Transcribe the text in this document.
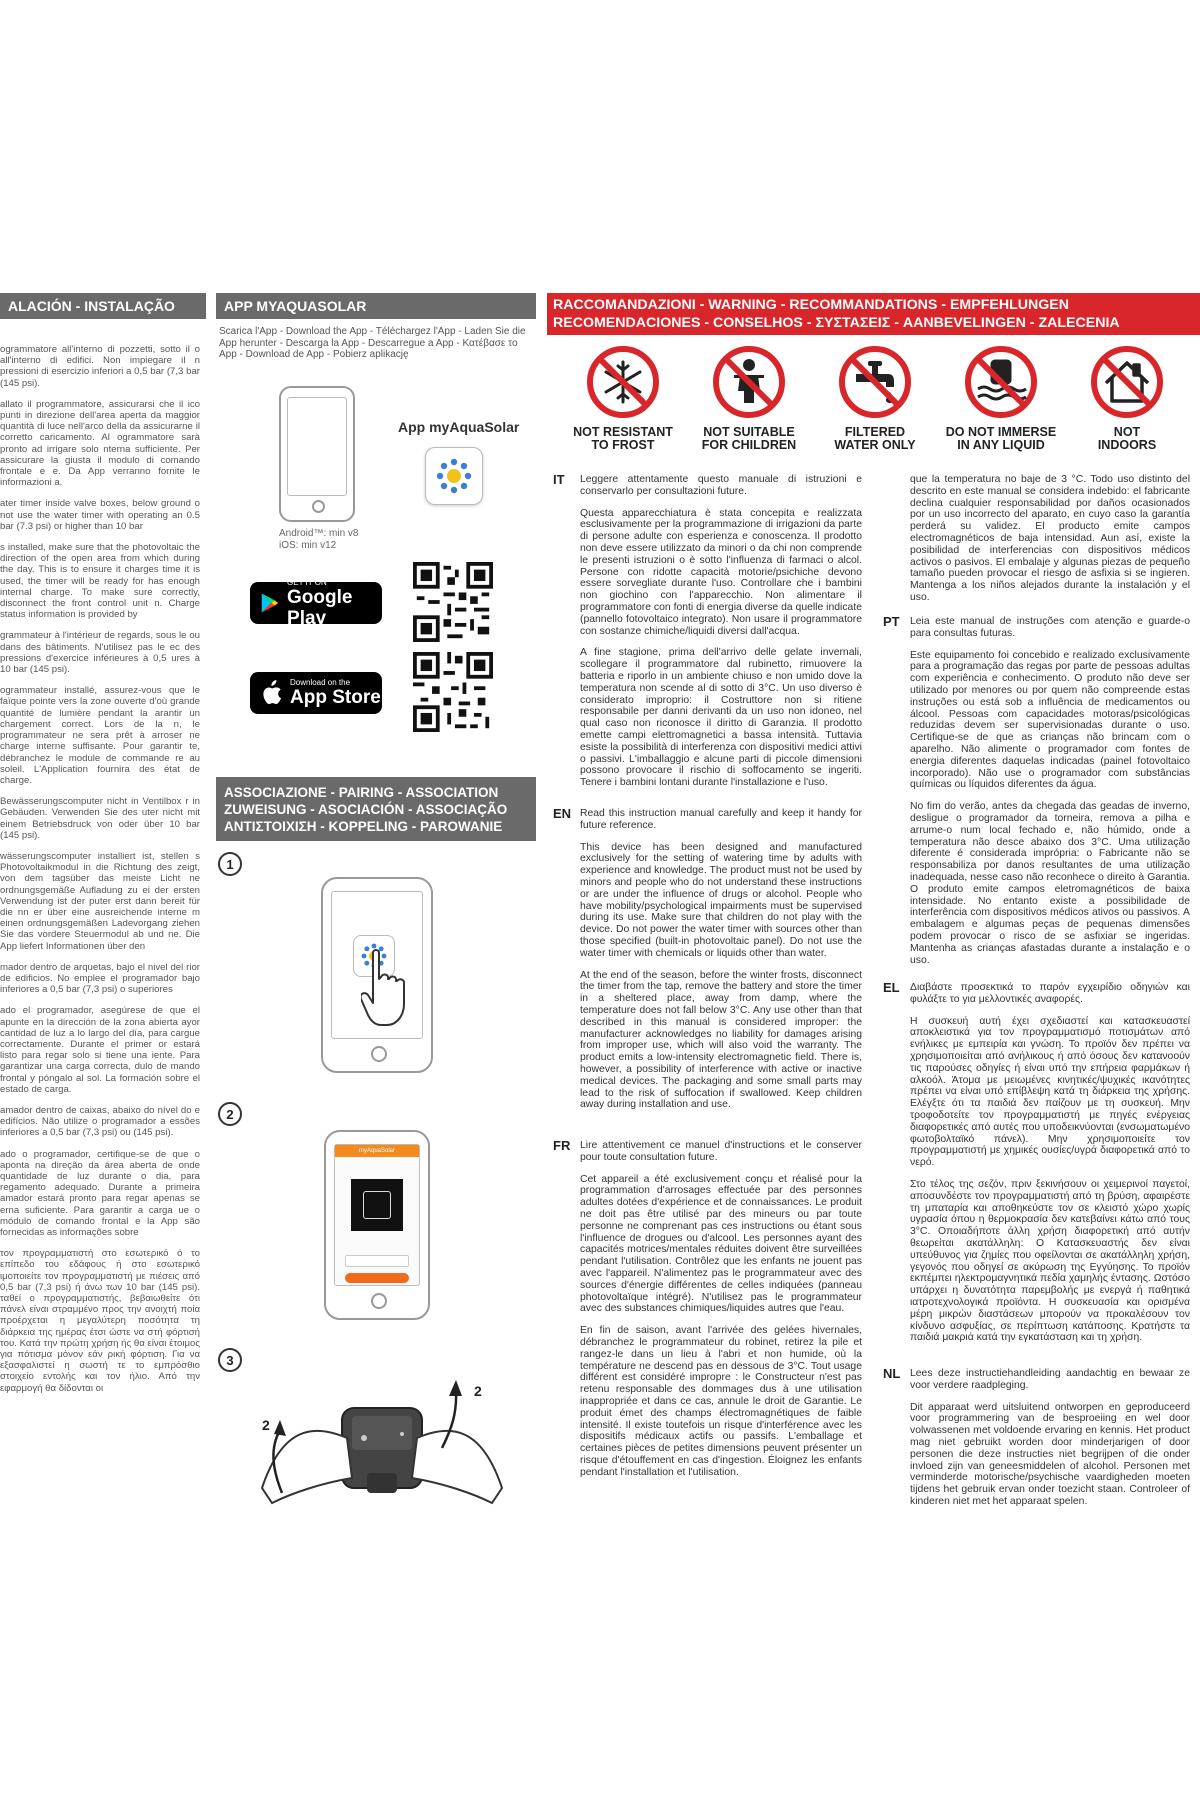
ALACIÓN - INSTALAÇÃO

ogrammatore all'interno di pozzetti, sotto il o all'interno di edifici. Non impiegare il n pressioni di esercizio inferiori a 0,5 bar (7,3 bar (145 psi).

allato il programmatore, assicurarsi che il ico punti in direzione dell'area aperta da maggior quantità di luce nell'arco della da assicurarne il corretto caricamento. Al ogrammatore sarà pronto ad irrigare solo nterna sufficiente. Per assicurare la giusta il modulo di comando frontale e e. Da App verranno fornite le informazioni a.

ater timer inside valve boxes, below ground o not use the water timer with operating an 0.5 bar (7.3 psi) or higher than 10 bar

s installed, make sure that the photovoltaic the direction of the open area from which during the day. This is to ensure it charges time it is used, the timer will be ready for has enough internal charge. To make sure correctly, disconnect the front control unit n. Charge status information is provided by

grammateur à l'intérieur de regards, sous le ou dans des bâtiments. N'utilisez pas le ec des pressions d'exercice inférieures à 0,5 ures à 10 bar (145 psi).

ogrammateur installé, assurez-vous que le faïque pointe vers la zone ouverte d'où grande quantité de lumière pendant la arantir un chargement correct. Lors de la n, le programmateur ne sera prêt à arroser ne charge interne suffisante. Pour garantir te, débranchez le module de commande re au soleil. L'Application fournira des état de charge.

Bewässerungscomputer nicht in Ventilbox r in Gebäuden. Verwenden Sie des uter nicht mit einem Betriebsdruck von oder über 10 bar (145 psi).

wässerungscomputer installiert ist, stellen s Photovoltaikmodul in die Richtung des zeigt, von dem tagsüber das meiste Licht ne ordnungsgemäße Aufladung zu ei der ersten Verwendung ist der puter erst dann bereit für die nn er über eine ausreichende interne m einen ordnungsgemäßen Ladevorgang ziehen Sie das vordere Steuermodul ab und ne. Die App liefert Informationen über den

mador dentro de arquetas, bajo el nivel del rior de edificios. No emplee el programador bajo inferiores a 0,5 bar (7,3 psi) o superiores

ado el programador, asegúrese de que el apunte en la dirección de la zona abierta ayor cantidad de luz a lo largo del día, para cargue correctamente. Durante el primer or estará listo para regar solo si tiene una iente. Para garantizar una carga correcta, dulo de mando frontal y póngalo al sol. La formación sobre el estado de carga.

amador dentro de caixas, abaixo do nível do e edifícios. Não utilize o programador a essões inferiores a 0,5 bar (7,3 psi) ou (145 psi).

ado o programador, certifique-se de que o aponta na direção da área aberta de onde quantidade de luz durante o dia, para regamento adequado. Durante a primeira amador estará pronto para regar apenas se erna suficiente. Para garantir a carga ue o módulo de comando frontal e la App são fornecidas as informações sobre

τον προγραμματιστή στο εσωτερικό ό το επίπεδο του εδάφους ή στο εσωτερικό ιμοποιείτε τον προγραμματιστή με πιέσεις από 0,5 bar (7,3 psi) ή άνω των 10 bar (145 psi). ταθεί ο προγραμματιστής, βεβαιωθείτε ότι πάνελ είναι στραμμένο προς την ανοιχτή ποία προέρχεται η μεγαλύτερη ποσότητα τη διάρκεια της ημέρας έτσι ώστε να στή φόρτισή του. Κατά την πρώτη χρήση ής θα είναι έτοιμος για πότισμα μόνον εάν ρική φόρτιση. Για να εξασφαλιστεί η σωστή τε το εμπρόσθιο στοιχείο εντολής και τον ήλιο. Από την εφαρμογή θα δίδονται οι

APP MYAQUASOLAR
Scarica l'App - Download the App - Téléchargez l'App - Laden Sie die App herunter - Descarga la App - Descarregue a App - Κατέβασε το App - Download de App - Pobierz aplikację
Android™: min v8
iOS: min v12
App myAquaSolar
GET IT ON
Google Play
Download on the
App Store
ASSOCIAZIONE - PAIRING - ASSOCIATION
ZUWEISUNG - ASOCIACIÓN - ASSOCIAÇÃO
ΑΝΤΙΣΤΟΙΧΙΣΗ - KOPPELING - PAROWANIE
1
2
myAquaSolar
3
2
2
RACCOMANDAZIONI - WARNING - RECOMMANDATIONS - EMPFEHLUNGEN
RECOMENDACIONES - CONSELHOS - ΣΥΣΤΑΣΕΙΣ - AANBEVELINGEN - ZALECENIA
NOT RESISTANT
TO FROST
NOT SUITABLE
FOR CHILDREN
FILTERED
WATER ONLY
DO NOT IMMERSE
IN ANY LIQUID
NOT
INDOORS
IT Leggere attentamente questo manuale di istruzioni e conservarlo per consultazioni future.

Questa apparecchiatura è stata concepita e realizzata esclusivamente per la programmazione di irrigazioni da parte di persone adulte con esperienza e conoscenza. Il prodotto non deve essere utilizzato da minori o da chi non comprende le presenti istruzioni o è sotto l'influenza di farmaci o alcol. Persone con ridotte capacità motorie/psichiche devono essere sorvegliate durante l'uso. Controllare che i bambini non giochino con l'apparecchio. Non alimentare il programmatore con fonti di energia diverse da quelle indicate (pannello fotovoltaico integrato). Non usare il programmatore con sostanze chimiche/liquidi diversi dall'acqua.

A fine stagione, prima dell'arrivo delle gelate invernali, scollegare il programmatore dal rubinetto, rimuovere la batteria e riporlo in un ambiente chiuso e non umido dove la temperatura non scende al di sotto di 3°C. Un uso diverso è considerato improprio: il Costruttore non si ritiene responsabile per danni derivanti da un uso non idoneo, nel qual caso non riconosce il diritto di Garanzia. Il prodotto emette campi elettromagnetici a bassa intensità. Tuttavia esiste la possibilità di interferenza con dispositivi medici attivi o passivi. L'imballaggio e alcune parti di piccole dimensioni possono provocare il rischio di soffocamento se ingeriti. Tenere i bambini lontani durante l'installazione e l'uso.

EN Read this instruction manual carefully and keep it handy for future reference.

This device has been designed and manufactured exclusively for the setting of watering time by adults with experience and knowledge. The product must not be used by minors and people who do not understand these instructions or are under the influence of drugs or alcohol. People who have mobility/psychological impairments must be supervised during its use. Make sure that children do not play with the device. Do not power the water timer with sources other than those specified (built-in photovoltaic panel). Do not use the water timer with chemicals or liquids other than water.

At the end of the season, before the winter frosts, disconnect the timer from the tap, remove the battery and store the timer in a sheltered place, away from damp, where the temperature does not fall below 3°C. Any use other than that described in this manual is considered improper: the manufacturer acknowledges no liability for damages arising from improper use, which will also void the warranty. The product emits a low-intensity electromagnetic field. There is, however, a possibility of interference with active or inactive medical devices. The packaging and some small parts may lead to the risk of suffocation if swallowed. Keep children away during installation and use.

FR Lire attentivement ce manuel d'instructions et le conserver pour toute consultation future.

Cet appareil a été exclusivement conçu et réalisé pour la programmation d'arrosages effectuée par des personnes adultes dotées d'expérience et de connaissances. Le produit ne doit pas être utilisé par des mineurs ou par toute personne ne comprenant pas ces instructions ou étant sous l'influence de drogues ou d'alcool. Les personnes ayant des capacités motrices/mentales réduites doivent être surveillées pendant l'utilisation. Contrôlez que les enfants ne jouent pas avec l'appareil. N'alimentez pas le programmateur avec des sources d'énergie différentes de celles indiquées (panneau photovoltaïque intégré). N'utilisez pas le programmateur avec des substances chimiques/liquides autres que l'eau.

En fin de saison, avant l'arrivée des gelées hivernales, débranchez le programmateur du robinet, retirez la pile et rangez-le dans un lieu à l'abri et non humide, où la température ne descend pas en dessous de 3°C. Tout usage différent est considéré impropre : le Constructeur n'est pas retenu responsable des dommages dus à une utilisation inappropriée et dans ce cas, annule le droit de Garantie. Le produit émet des champs électromagnétiques de faible intensité. Il existe toutefois un risque d'interférence avec les dispositifs médicaux actifs ou passifs. L'emballage et certaines pièces de petites dimensions peuvent présenter un risque d'étouffement en cas d'ingestion. Éloignez les enfants pendant l'installation et l'utilisation.

que la temperatura no baje de 3 °C. Todo uso distinto del descrito en este manual se considera indebido: el fabricante declina cualquier responsabilidad por daños ocasionados por un uso incorrecto del aparato, en cuyo caso la garantía perderá su validez. El producto emite campos electromagnéticos de baja intensidad. Aun así, existe la posibilidad de interferencias con dispositivos médicos activos o pasivos. El embalaje y algunas piezas de pequeño tamaño pueden provocar el riesgo de asfixia si se ingieren. Mantenga a los niños alejados durante la instalación y el uso.

PT Leia este manual de instruções com atenção e guarde-o para consultas futuras.

Este equipamento foi concebido e realizado exclusivamente para a programação das regas por parte de pessoas adultas com experiência e conhecimento. O produto não deve ser utilizado por menores ou por quem não compreende estas instruções ou está sob a influência de medicamentos ou álcool. Pessoas com capacidades motoras/psicológicas reduzidas devem ser supervisionadas durante o uso. Certifique-se de que as crianças não brincam com o aparelho. Não alimente o programador com fontes de energia diferentes daquelas indicadas (painel fotovoltaico incorporado). Não use o programador com substâncias químicas ou líquidos diferentes da água.

No fim do verão, antes da chegada das geadas de inverno, desligue o programador da torneira, remova a pilha e arrume-o num local fechado e, não húmido, onde a temperatura não desce abaixo dos 3°C. Uma utilização diferente é considerada imprópria: o Fabricante não se responsabiliza por danos resultantes de uma utilização inadequada, nesse caso não reconhece o direito à Garantia. O produto emite campos eletromagnéticos de baixa intensidade. No entanto existe a possibilidade de interferência com dispositivos médicos ativos ou passivos. A embalagem e algumas peças de pequenas dimensões podem provocar o risco de se asfixiar se ingeridas. Mantenha as crianças afastadas durante a instalação e o uso.

EL Διαβάστε προσεκτικά το παρόν εγχειρίδιο οδηγιών και φυλάξτε το για μελλοντικές αναφορές.

Η συσκευή αυτή έχει σχεδιαστεί και κατασκευαστεί αποκλειστικά για τον προγραμματισμό ποτισμάτων από ενήλικες με εμπειρία και γνώση. Το προϊόν δεν πρέπει να χρησιμοποιείται από ανήλικους ή από όσους δεν κατανοούν τις παρούσες οδηγίες ή είναι υπό την επήρεια φαρμάκων ή αλκοόλ. Άτομα με μειωμένες κινητικές/ψυχικές ικανότητες πρέπει να είναι υπό επίβλεψη κατά τη διάρκεια της χρήσης. Ελέγξτε ότι τα παιδιά δεν παίζουν με τη συσκευή. Μην τροφοδοτείτε τον προγραμματιστή με πηγές ενέργειας διαφορετικές από αυτές που υποδεικνύονται (ενσωματωμένο φωτοβολταϊκό πάνελ). Μην χρησιμοποιείτε τον προγραμματιστή με χημικές ουσίες/υγρά διαφορετικά από το νερό.

Στο τέλος της σεζόν, πριν ξεκινήσουν οι χειμερινοί παγετοί, αποσυνδέστε τον προγραμματιστή από τη βρύση, αφαιρέστε τη μπαταρία και αποθηκεύστε τον σε κλειστό χώρο χωρίς υγρασία όπου η θερμοκρασία δεν κατεβαίνει κάτω από τους 3°C. Οποιαδήποτε άλλη χρήση διαφορετική από αυτήν θεωρείται ακατάλληλη: Ο Κατασκευαστής δεν είναι υπεύθυνος για ζημίες που οφείλονται σε ακατάλληλη χρήση, γεγονός που οδηγεί σε ακύρωση της Εγγύησης. Το προϊόν εκπέμπει ηλεκτρομαγνητικά πεδία χαμηλής έντασης. Ωστόσο υπάρχει η δυνατότητα παρεμβολής με ενεργά ή παθητικά ιατροτεχνολογικά προϊόντα. Η συσκευασία και ορισμένα μέρη μικρών διαστάσεων μπορούν να προκαλέσουν τον κίνδυνο ασφυξίας, σε περίπτωση κατάποσης. Κρατήστε τα παιδιά μακριά κατά την εγκατάσταση και τη χρήση.

NL Lees deze instructiehandleiding aandachtig en bewaar ze voor verdere raadpleging.

Dit apparaat werd uitsluitend ontworpen en geproduceerd voor programmering van de besproeiing en wel door volwassenen met voldoende ervaring en kennis. Het product mag niet gebruikt worden door minderjarigen of door personen die deze instructies niet begrijpen of die onder invloed zijn van geneesmiddelen of alcohol. Personen met verminderde motorische/psychische vaardigheden moeten tijdens het gebruik ervan onder toezicht staan. Controleer of kinderen niet met het apparaat spelen.
